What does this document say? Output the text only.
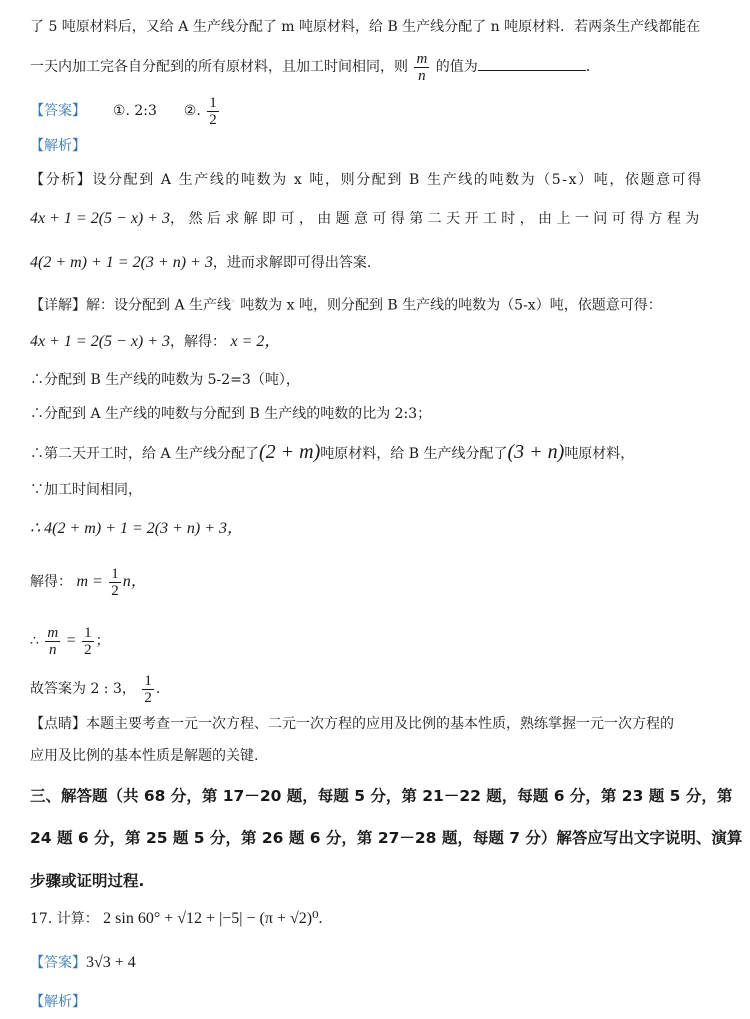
了 5 吨原材料后，又给 A 生产线分配了 m 吨原材料，给 B 生产线分配了 n 吨原材料．若两条生产线都能在
一天内加工完各自分配到的所有原材料，且加工时间相同，则 $\frac{m}{n}$ 的值为	.
【答案】 ①. 2:3 ②. $\frac{1}{2}$
【解析】
【分析】设分配到 A 生产线的吨数为 x 吨，则分配到 B 生产线的吨数为（5-x）吨，依题意可得
4x + 1 = 2(5 − x) + 3，然后求解即可，由题意可得第二天开工时，由上一问可得方程为
4(2 + m) + 1 = 2(3 + n) + 3，进而求解即可得出答案.
【详解】解：设分配到 A 生产线◦ 吨数为 x 吨，则分配到 B 生产线的吨数为（5-x）吨，依题意可得：
4x + 1 = 2(5 − x) + 3，解得： x = 2，
∴分配到 B 生产线的吨数为 5-2=3（吨），
∴分配到 A 生产线的吨数与分配到 B 生产线的吨数的比为 2:3；
∴第二天开工时，给 A 生产线分配了(2 + m)吨原材料，给 B 生产线分配了(3 + n)吨原材料，
∵加工时间相同，
∴ 4(2 + m) + 1 = 2(3 + n) + 3，
解得： $m = \frac{1}{2}$ n，
∴ $\frac{m}{n} = \frac{1}{2}$ ；
故答案为 2 : 3， $\frac{1}{2}$ .
【点睛】本题主要考查一元一次方程、二元一次方程的应用及比例的基本性质，熟练掌握一元一次方程的
应用及比例的基本性质是解题的关键.
三、解答题（共 68 分，第 17－20 题，每题 5 分，第 21－22 题，每题 6 分，第 23 题 5 分，第
24 题 6 分，第 25 题 5 分，第 26 题 6 分，第 27－28 题，每题 7 分）解答应写出文字说明、演算
步骤或证明过程.
17. 计算： 2 sin 60° + √12 + |−5| − (π + √2)⁰.
【答案】3√3 + 4
【解析】
